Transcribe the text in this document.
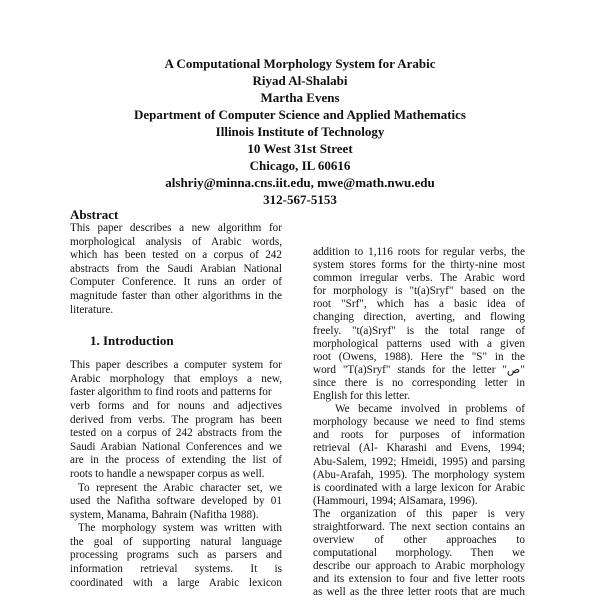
A Computational Morphology System for Arabic
Riyad Al-Shalabi
Martha Evens
Department of Computer Science and Applied Mathematics
Illinois Institute of Technology
10 West 31st Street
Chicago, IL 60616
alshriy@minna.cns.iit.edu, mwe@math.nwu.edu
312-567-5153
Abstract
This paper describes a new algorithm for
morphological analysis of Arabic words,
which has been tested on a corpus of 242
abstracts from the Saudi Arabian National
Computer Conference. It runs an order of
magnitude faster than other algorithms in the
literature.
1. Introduction
This paper describes a computer system for
Arabic morphology that employs a new,
faster algorithm to find roots and patterns for
verb forms and for nouns and adjectives
derived from verbs. The program has been
tested on a corpus of 242 abstracts from the
Saudi Arabian National Conferences and we
are in the process of extending the list of
roots to handle a newspaper corpus as well.
To represent the Arabic character set, we
used the Nafitha software developed by 01
system, Manama, Bahrain (Nafitha 1988).
The morphology system was written with
the goal of supporting natural language
processing programs such as parsers and
information retrieval systems. It is
coordinated with a large Arabic lexicon
addition to 1,116 roots for regular verbs, the
system stores forms for the thirty-nine most
common irregular verbs. The Arabic word
for morphology is "t(a)Sryf" based on the
root "Srf", which has a basic idea of
changing direction, averting, and flowing
freely. "t(a)Sryf" is the total range of
morphological patterns used with a given
root (Owens, 1988). Here the "S" in the
word "T(a)Sryf" stands for the letter "ص"
since there is no corresponding letter in
English for this letter.
We became involved in problems of
morphology because we need to find stems
and roots for purposes of information
retrieval (Al- Kharashi and Evens, 1994;
Abu-Salem, 1992; Hmeidi, 1995) and parsing
(Abu-Arafah, 1995). The morphology system
is coordinated with a large lexicon for Arabic
(Hammouri, 1994; AlSamara, 1996).
The organization of this paper is very
straightforward. The next section contains an
overview of other approaches to
computational morphology. Then we
describe our approach to Arabic morphology
and its extension to four and five letter roots
as well as the three letter roots that are much
